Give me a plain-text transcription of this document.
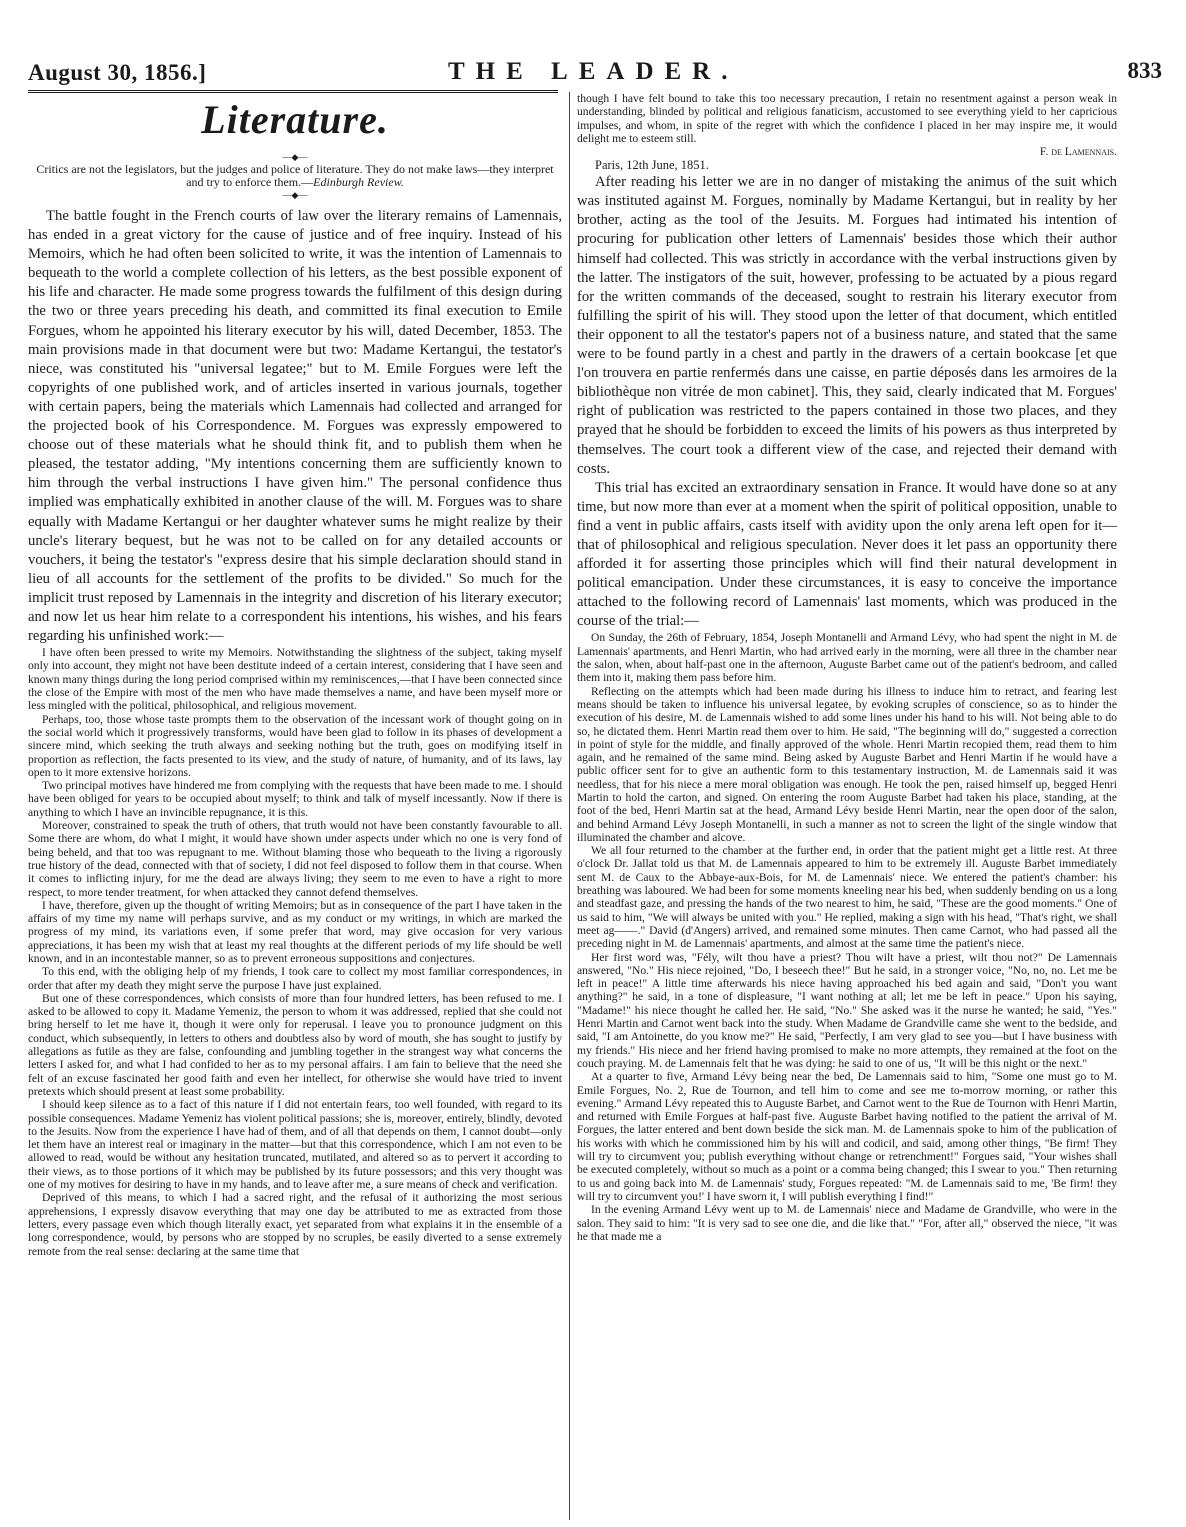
August 30, 1856.]	THE LEADER.	833
Literature.
—◆—
Critics are not the legislators, but the judges and police of literature. They do not make laws—they interpret and try to enforce them.—Edinburgh Review.
—◆—

The battle fought in the French courts of law over the literary remains of Lamennais, has ended in a great victory for the cause of justice and of free inquiry. Instead of his Memoirs, which he had often been solicited to write, it was the intention of Lamennais to bequeath to the world a complete collection of his letters, as the best possible exponent of his life and character. He made some progress towards the fulfilment of this design during the two or three years preceding his death, and committed its final execution to Emile Forgues, whom he appointed his literary executor by his will, dated December, 1853. The main provisions made in that document were but two: Madame Kertangui, the testator's niece, was constituted his "universal legatee;" but to M. Emile Forgues were left the copyrights of one published work, and of articles inserted in various journals, together with certain papers, being the materials which Lamennais had collected and arranged for the projected book of his Correspondence. M. Forgues was expressly empowered to choose out of these materials what he should think fit, and to publish them when he pleased, the testator adding, "My intentions concerning them are sufficiently known to him through the verbal instructions I have given him." The personal confidence thus implied was emphatically exhibited in another clause of the will. M. Forgues was to share equally with Madame Kertangui or her daughter whatever sums he might realize by their uncle's literary bequest, but he was not to be called on for any detailed accounts or vouchers, it being the testator's "express desire that his simple declaration should stand in lieu of all accounts for the settlement of the profits to be divided." So much for the implicit trust reposed by Lamennais in the integrity and discretion of his literary executor; and now let us hear him relate to a correspondent his intentions, his wishes, and his fears regarding his unfinished work:—

I have often been pressed to write my Memoirs. Notwithstanding the slightness of the subject, taking myself only into account, they might not have been destitute indeed of a certain interest, considering that I have seen and known many things during the long period comprised within my reminiscences,—that I have been connected since the close of the Empire with most of the men who have made themselves a name, and have been myself more or less mingled with the political, philosophical, and religious movement.

Perhaps, too, those whose taste prompts them to the observation of the incessant work of thought going on in the social world which it progressively transforms, would have been glad to follow in its phases of development a sincere mind, which seeking the truth always and seeking nothing but the truth, goes on modifying itself in proportion as reflection, the facts presented to its view, and the study of nature, of humanity, and of its laws, lay open to it more extensive horizons.

Two principal motives have hindered me from complying with the requests that have been made to me. I should have been obliged for years to be occupied about myself; to think and talk of myself incessantly. Now if there is anything to which I have an invincible repugnance, it is this.

Moreover, constrained to speak the truth of others, that truth would not have been constantly favourable to all. Some there are whom, do what I might, it would have shown under aspects under which no one is very fond of being beheld, and that too was repugnant to me. Without blaming those who bequeath to the living a rigorously true history of the dead, connected with that of society, I did not feel disposed to follow them in that course. When it comes to inflicting injury, for me the dead are always living; they seem to me even to have a right to more respect, to more tender treatment, for when attacked they cannot defend themselves.

I have, therefore, given up the thought of writing Memoirs; but as in consequence of the part I have taken in the affairs of my time my name will perhaps survive, and as my conduct or my writings, in which are marked the progress of my mind, its variations even, if some prefer that word, may give occasion for very various appreciations, it has been my wish that at least my real thoughts at the different periods of my life should be well known, and in an incontestable manner, so as to prevent erroneous suppositions and conjectures.

To this end, with the obliging help of my friends, I took care to collect my most familiar correspondences, in order that after my death they might serve the purpose I have just explained.

But one of these correspondences, which consists of more than four hundred letters, has been refused to me. I asked to be allowed to copy it. Madame Yemeniz, the person to whom it was addressed, replied that she could not bring herself to let me have it, though it were only for reperusal. I leave you to pronounce judgment on this conduct, which subsequently, in letters to others and doubtless also by word of mouth, she has sought to justify by allegations as futile as they are false, confounding and jumbling together in the strangest way what concerns the letters I asked for, and what I had confided to her as to my personal affairs. I am fain to believe that the need she felt of an excuse fascinated her good faith and even her intellect, for otherwise she would have tried to invent pretexts which should present at least some probability.

I should keep silence as to a fact of this nature if I did not entertain fears, too well founded, with regard to its possible consequences. Madame Yemeniz has violent political passions; she is, moreover, entirely, blindly, devoted to the Jesuits. Now from the experience I have had of them, and of all that depends on them, I cannot doubt—only let them have an interest real or imaginary in the matter—but that this correspondence, which I am not even to be allowed to read, would be without any hesitation truncated, mutilated, and altered so as to pervert it according to their views, as to those portions of it which may be published by its future possessors; and this very thought was one of my motives for desiring to have in my hands, and to leave after me, a sure means of check and verification.

Deprived of this means, to which I had a sacred right, and the refusal of it authorizing the most serious apprehensions, I expressly disavow everything that may one day be attributed to me as extracted from those letters, every passage even which though literally exact, yet separated from what explains it in the ensemble of a long correspondence, would, by persons who are stopped by no scruples, be easily diverted to a sense extremely remote from the real sense: declaring at the same time that

though I have felt bound to take this too necessary precaution, I retain no resentment against a person weak in understanding, blinded by political and religious fanaticism, accustomed to see everything yield to her capricious impulses, and whom, in spite of the regret with which the confidence I placed in her may inspire me, it would delight me to esteem still.

F. de Lamennais.
Paris, 12th June, 1851.

After reading his letter we are in no danger of mistaking the animus of the suit which was instituted against M. Forgues, nominally by Madame Kertangui, but in reality by her brother, acting as the tool of the Jesuits. M. Forgues had intimated his intention of procuring for publication other letters of Lamennais' besides those which their author himself had collected. This was strictly in accordance with the verbal instructions given by the latter. The instigators of the suit, however, professing to be actuated by a pious regard for the written commands of the deceased, sought to restrain his literary executor from fulfilling the spirit of his will. They stood upon the letter of that document, which entitled their opponent to all the testator's papers not of a business nature, and stated that the same were to be found partly in a chest and partly in the drawers of a certain bookcase [et que l'on trouvera en partie renfermés dans une caisse, en partie déposés dans les armoires de la bibliothèque non vitrée de mon cabinet]. This, they said, clearly indicated that M. Forgues' right of publication was restricted to the papers contained in those two places, and they prayed that he should be forbidden to exceed the limits of his powers as thus interpreted by themselves. The court took a different view of the case, and rejected their demand with costs.

This trial has excited an extraordinary sensation in France. It would have done so at any time, but now more than ever at a moment when the spirit of political opposition, unable to find a vent in public affairs, casts itself with avidity upon the only arena left open for it—that of philosophical and religious speculation. Never does it let pass an opportunity there afforded it for asserting those principles which will find their natural development in political emancipation. Under these circumstances, it is easy to conceive the importance attached to the following record of Lamennais' last moments, which was produced in the course of the trial:—

On Sunday, the 26th of February, 1854, Joseph Montanelli and Armand Lévy, who had spent the night in M. de Lamennais' apartments, and Henri Martin, who had arrived early in the morning, were all three in the chamber near the salon, when, about half-past one in the afternoon, Auguste Barbet came out of the patient's bedroom, and called them into it, making them pass before him.

Reflecting on the attempts which had been made during his illness to induce him to retract, and fearing lest means should be taken to influence his universal legatee, by evoking scruples of conscience, so as to hinder the execution of his desire, M. de Lamennais wished to add some lines under his hand to his will. Not being able to do so, he dictated them. Henri Martin read them over to him. He said, "The beginning will do," suggested a correction in point of style for the middle, and finally approved of the whole. Henri Martin recopied them, read them to him again, and he remained of the same mind. Being asked by Auguste Barbet and Henri Martin if he would have a public officer sent for to give an authentic form to this testamentary instruction, M. de Lamennais said it was needless, that for his niece a mere moral obligation was enough. He took the pen, raised himself up, begged Henri Martin to hold the carton, and signed. On entering the room Auguste Barbet had taken his place, standing, at the foot of the bed, Henri Martin sat at the head, Armand Lévy beside Henri Martin, near the open door of the salon, and behind Armand Lévy Joseph Montanelli, in such a manner as not to screen the light of the single window that illuminated the chamber and alcove.

We all four returned to the chamber at the further end, in order that the patient might get a little rest. At three o'clock Dr. Jallat told us that M. de Lamennais appeared to him to be extremely ill. Auguste Barbet immediately sent M. de Caux to the Abbaye-aux-Bois, for M. de Lamennais' niece. We entered the patient's chamber: his breathing was laboured. We had been for some moments kneeling near his bed, when suddenly bending on us a long and steadfast gaze, and pressing the hands of the two nearest to him, he said, "These are the good moments." One of us said to him, "We will always be united with you." He replied, making a sign with his head, "That's right, we shall meet ag——." David (d'Angers) arrived, and remained some minutes. Then came Carnot, who had passed all the preceding night in M. de Lamennais' apartments, and almost at the same time the patient's niece.

Her first word was, "Fély, wilt thou have a priest? Thou wilt have a priest, wilt thou not?" De Lamennais answered, "No." His niece rejoined, "Do, I beseech thee!" But he said, in a stronger voice, "No, no, no. Let me be left in peace!" A little time afterwards his niece having approached his bed again and said, "Don't you want anything?" he said, in a tone of displeasure, "I want nothing at all; let me be left in peace." Upon his saying, "Madame!" his niece thought he called her. He said, "No." She asked was it the nurse he wanted; he said, "Yes." Henri Martin and Carnot went back into the study. When Madame de Grandville came she went to the bedside, and said, "I am Antoinette, do you know me?" He said, "Perfectly, I am very glad to see you—but I have business with my friends." His niece and her friend having promised to make no more attempts, they remained at the foot on the couch praying. M. de Lamennais felt that he was dying: he said to one of us, "It will be this night or the next."

At a quarter to five, Armand Lévy being near the bed, De Lamennais said to him, "Some one must go to M. Emile Forgues, No. 2, Rue de Tournon, and tell him to come and see me to-morrow morning, or rather this evening." Armand Lévy repeated this to Auguste Barbet, and Carnot went to the Rue de Tournon with Henri Martin, and returned with Emile Forgues at half-past five. Auguste Barbet having notified to the patient the arrival of M. Forgues, the latter entered and bent down beside the sick man. M. de Lamennais spoke to him of the publication of his works with which he commissioned him by his will and codicil, and said, among other things, "Be firm! They will try to circumvent you; publish everything without change or retrenchment!" Forgues said, "Your wishes shall be executed completely, without so much as a point or a comma being changed; this I swear to you." Then returning to us and going back into M. de Lamennais' study, Forgues repeated: "M. de Lamennais said to me, 'Be firm! they will try to circumvent you!' I have sworn it, I will publish everything I find!"

In the evening Armand Lévy went up to M. de Lamennais' niece and Madame de Grandville, who were in the salon. They said to him: "It is very sad to see one die, and die like that." "For, after all," observed the niece, "it was he that made me a
